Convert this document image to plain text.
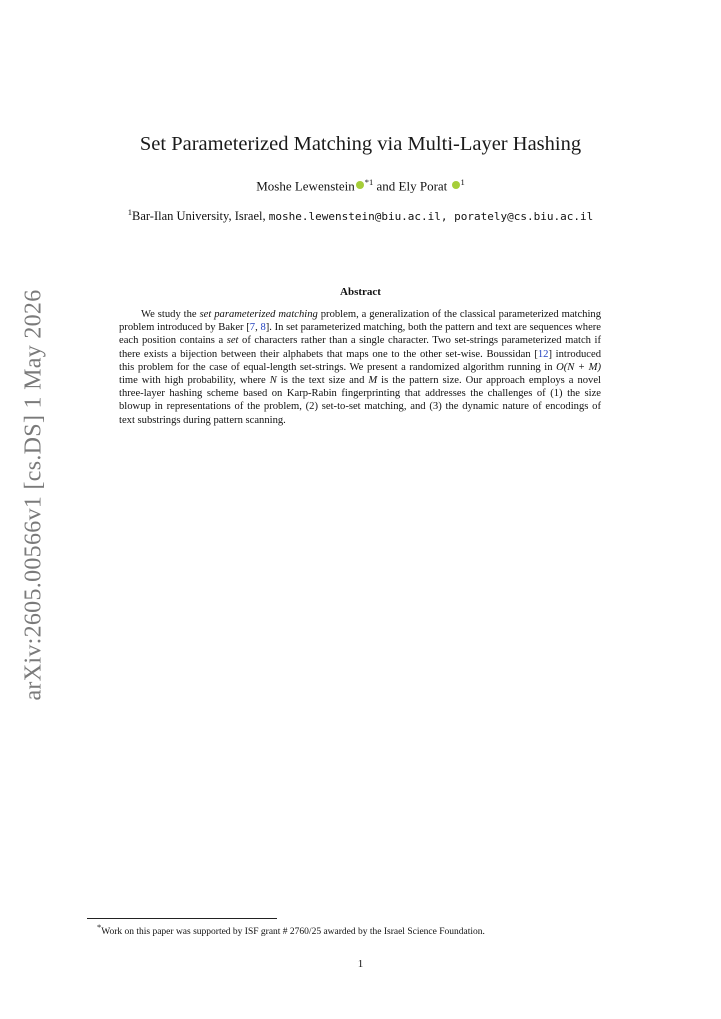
arXiv:2605.00566v1 [cs.DS] 1 May 2026
Set Parameterized Matching via Multi-Layer Hashing
Moshe Lewenstein $^{*1}$ and Ely Porat $^1$
$^1$Bar-Ilan University, Israel, moshe.lewenstein@biu.ac.il, porately@cs.biu.ac.il
Abstract
We study the set parameterized matching problem, a generalization of the classical parameterized matching problem introduced by Baker [7, 8]. In set parameterized matching, both the pattern and text are sequences where each position contains a set of characters rather than a single character. Two set-strings parameterized match if there exists a bijection between their alphabets that maps one to the other set-wise. Boussidan [12] introduced this problem for the case of equal-length set-strings. We present a randomized algorithm running in O(N + M) time with high probability, where N is the text size and M is the pattern size. Our approach employs a novel three-layer hashing scheme based on Karp-Rabin fingerprinting that addresses the challenges of (1) the size blowup in representations of the problem, (2) set-to-set matching, and (3) the dynamic nature of encodings of text substrings during pattern scanning.
*Work on this paper was supported by ISF grant # 2760/25 awarded by the Israel Science Foundation.
1
